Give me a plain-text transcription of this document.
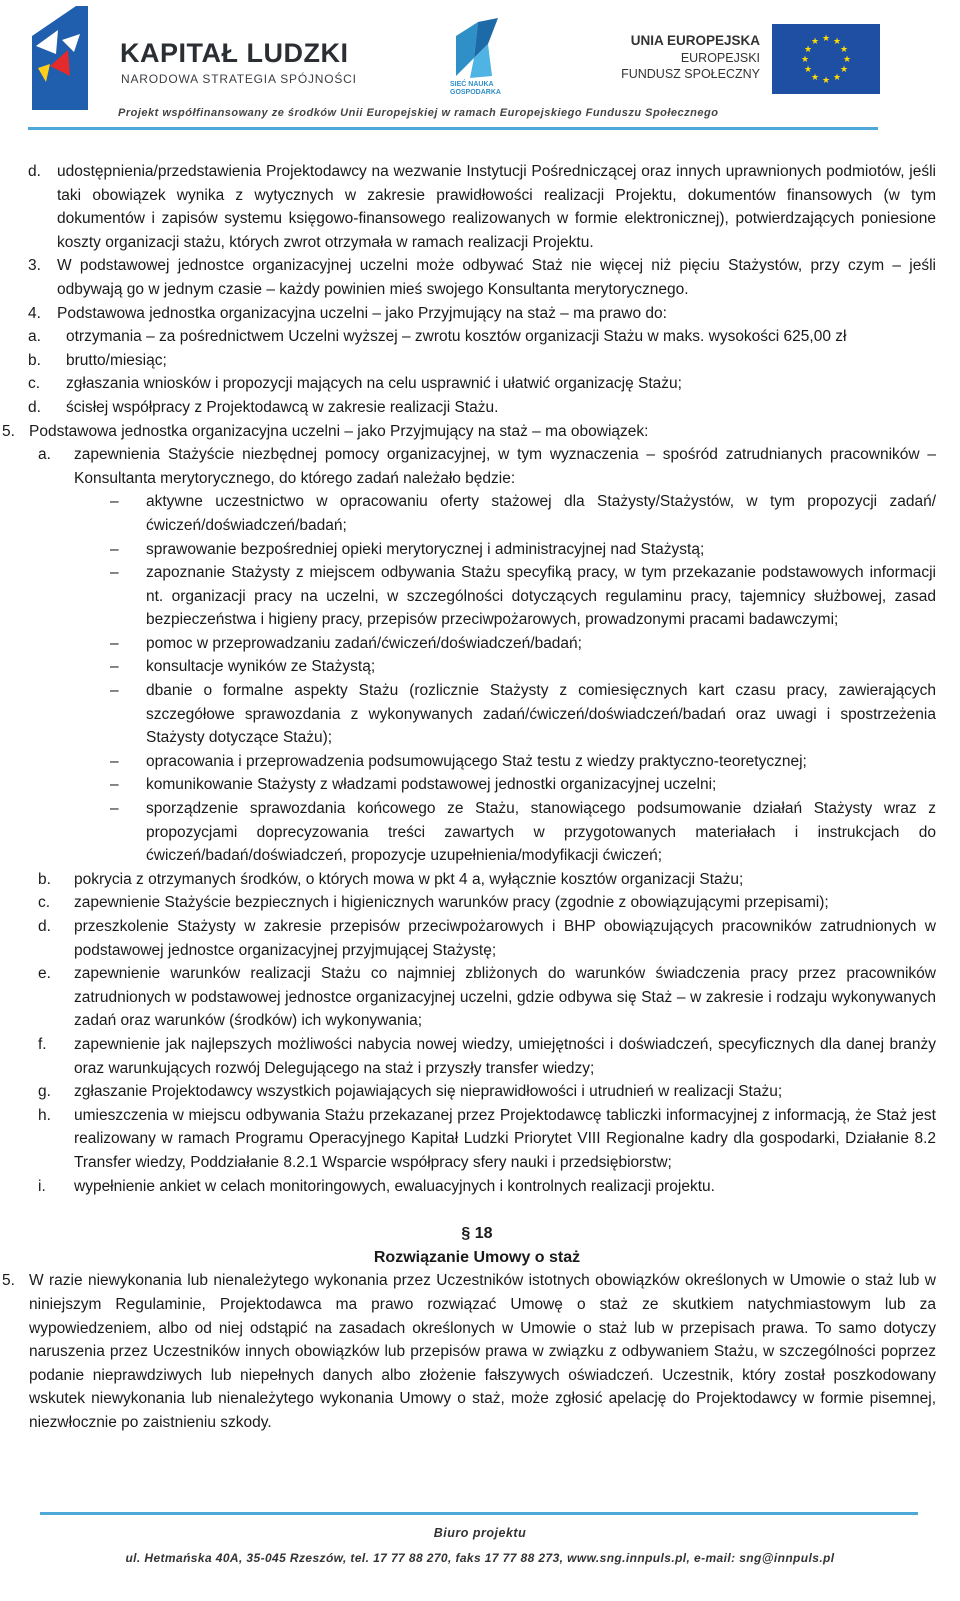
KAPITAŁ LUDZKI
NARODOWA STRATEGIA SPÓJNOŚCI	SIEĆ NAUKA
GOSPODARKA
UNIA EUROPEJSKA
EUROPEJSKI
FUNDUSZ SPOŁECZNY
★ ★
★
★
★
★
★
★
★
★
★
★
Projekt współfinansowany ze środków Unii Europejskiej w ramach Europejskiego Funduszu Społecznego
d. udostępnienia/przedstawienia Projektodawcy na wezwanie Instytucji Pośredniczącej oraz innych uprawnionych podmiotów, jeśli taki obowiązek wynika z wytycznych w zakresie prawidłowości realizacji Projektu, dokumentów finansowych (w tym dokumentów i zapisów systemu księgowo-finansowego realizowanych w formie elektronicznej), potwierdzających poniesione koszty organizacji stażu, których zwrot otrzymała w ramach realizacji Projektu.
3. W podstawowej jednostce organizacyjnej uczelni może odbywać Staż nie więcej niż pięciu Stażystów, przy czym – jeśli odbywają go w jednym czasie – każdy powinien mieś swojego Konsultanta merytorycznego.
4. Podstawowa jednostka organizacyjna uczelni – jako Przyjmujący na staż – ma prawo do:
a. otrzymania – za pośrednictwem Uczelni wyższej – zwrotu kosztów organizacji Stażu w maks. wysokości 625,00 zł
b. brutto/miesiąc;
c. zgłaszania wniosków i propozycji mających na celu usprawnić i ułatwić organizację Stażu;
d. ścisłej współpracy z Projektodawcą w zakresie realizacji Stażu.
5. Podstawowa jednostka organizacyjna uczelni – jako Przyjmujący na staż – ma obowiązek:
a. zapewnienia Stażyście niezbędnej pomocy organizacyjnej, w tym wyznaczenia – spośród zatrudnianych pracowników – Konsultanta merytorycznego, do którego zadań należało będzie:
– aktywne uczestnictwo w opracowaniu oferty stażowej dla Stażysty/Stażystów, w tym propozycji zadań/ćwiczeń/doświadczeń/badań;
– sprawowanie bezpośredniej opieki merytorycznej i administracyjnej nad Stażystą;
– zapoznanie Stażysty z miejscem odbywania Stażu specyfiką pracy, w tym przekazanie podstawowych informacji nt. organizacji pracy na uczelni, w szczególności dotyczących regulaminu pracy, tajemnicy służbowej, zasad bezpieczeństwa i higieny pracy, przepisów przeciwpożarowych, prowadzonymi pracami badawczymi;
– pomoc w przeprowadzaniu zadań/ćwiczeń/doświadczeń/badań;
– konsultacje wyników ze Stażystą;
– dbanie o formalne aspekty Stażu (rozlicznie Stażysty z comiesięcznych kart czasu pracy, zawierających szczegółowe sprawozdania z wykonywanych zadań/ćwiczeń/doświadczeń/badań oraz uwagi i spostrzeżenia Stażysty dotyczące Stażu);
– opracowania i przeprowadzenia podsumowującego Staż testu z wiedzy praktyczno-teoretycznej;
– komunikowanie Stażysty z władzami podstawowej jednostki organizacyjnej uczelni;
– sporządzenie sprawozdania końcowego ze Stażu, stanowiącego podsumowanie działań Stażysty wraz z propozycjami doprecyzowania treści zawartych w przygotowanych materiałach i instrukcjach do ćwiczeń/badań/doświadczeń, propozycje uzupełnienia/modyfikacji ćwiczeń;
b. pokrycia z otrzymanych środków, o których mowa w pkt 4 a, wyłącznie kosztów organizacji Stażu;
c. zapewnienie Stażyście bezpiecznych i higienicznych warunków pracy (zgodnie z obowiązującymi przepisami);
d. przeszkolenie Stażysty w zakresie przepisów przeciwpożarowych i BHP obowiązujących pracowników zatrudnionych w podstawowej jednostce organizacyjnej przyjmującej Stażystę;
e. zapewnienie warunków realizacji Stażu co najmniej zbliżonych do warunków świadczenia pracy przez pracowników zatrudnionych w podstawowej jednostce organizacyjnej uczelni, gdzie odbywa się Staż – w zakresie i rodzaju wykonywanych zadań oraz warunków (środków) ich wykonywania;
f. zapewnienie jak najlepszych możliwości nabycia nowej wiedzy, umiejętności i doświadczeń, specyficznych dla danej branży oraz warunkujących rozwój Delegującego na staż i przyszły transfer wiedzy;
g. zgłaszanie Projektodawcy wszystkich pojawiających się nieprawidłowości i utrudnień w realizacji Stażu;
h. umieszczenia w miejscu odbywania Stażu przekazanej przez Projektodawcę tabliczki informacyjnej z informacją, że Staż jest realizowany w ramach Programu Operacyjnego Kapitał Ludzki Priorytet VIII Regionalne kadry dla gospodarki, Działanie 8.2 Transfer wiedzy, Poddziałanie 8.2.1 Wsparcie współpracy sfery nauki i przedsiębiorstw;
i. wypełnienie ankiet w celach monitoringowych, ewaluacyjnych i kontrolnych realizacji projektu.
§ 18
Rozwiązanie Umowy o staż
5. W razie niewykonania lub nienależytego wykonania przez Uczestników istotnych obowiązków określonych w Umowie o staż lub w niniejszym Regulaminie, Projektodawca ma prawo rozwiązać Umowę o staż ze skutkiem natychmiastowym lub za wypowiedzeniem, albo od niej odstąpić na zasadach określonych w Umowie o staż lub w przepisach prawa. To samo dotyczy naruszenia przez Uczestników innych obowiązków lub przepisów prawa w związku z odbywaniem Stażu, w szczególności poprzez podanie nieprawdziwych lub niepełnych danych albo złożenie fałszywych oświadczeń. Uczestnik, który został poszkodowany wskutek niewykonania lub nienależytego wykonania Umowy o staż, może zgłosić apelację do Projektodawcy w formie pisemnej, niezwłocznie po zaistnieniu szkody.
Biuro projektu
ul. Hetmańska 40A, 35-045 Rzeszów, tel. 17 77 88 270, faks 17 77 88 273, www.sng.innpuls.pl, e-mail: sng@innpuls.pl
